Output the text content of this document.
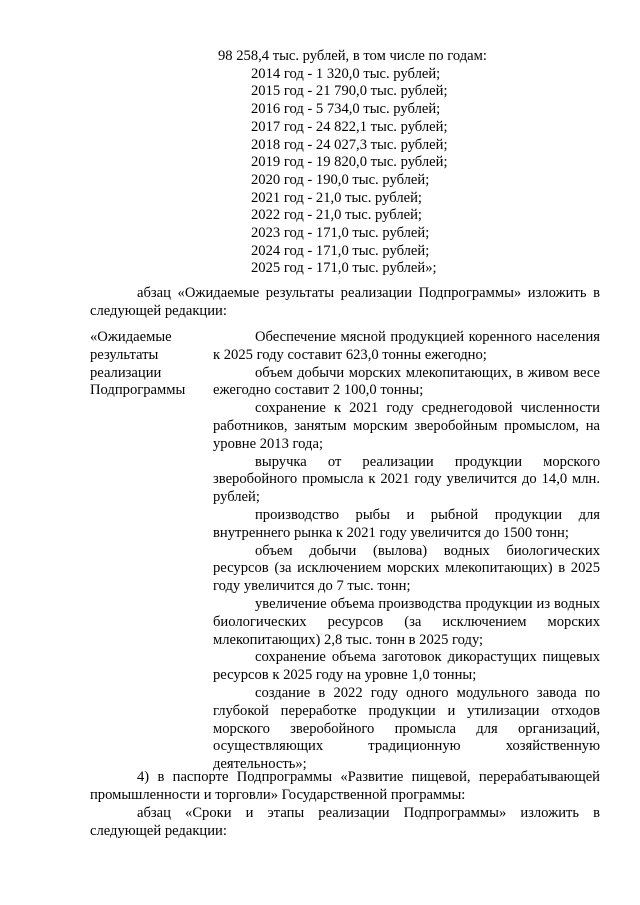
98 258,4 тыс. рублей, в том числе по годам:
2014 год - 1 320,0 тыс. рублей;
2015 год - 21 790,0 тыс. рублей;
2016 год - 5 734,0 тыс. рублей;
2017 год - 24 822,1 тыс. рублей;
2018 год - 24 027,3 тыс. рублей;
2019 год - 19 820,0 тыс. рублей;
2020 год - 190,0 тыс. рублей;
2021 год - 21,0 тыс. рублей;
2022 год - 21,0 тыс. рублей;
2023 год - 171,0 тыс. рублей;
2024 год - 171,0 тыс. рублей;
2025 год - 171,0 тыс. рублей»;
абзац «Ожидаемые результаты реализации Подпрограммы» изложить в следующей редакции:
«Ожидаемые результаты реализации Подпрограммы
Обеспечение мясной продукцией коренного населения к 2025 году составит 623,0 тонны ежегодно;
объем добычи морских млекопитающих, в живом весе ежегодно составит 2 100,0 тонны;
сохранение к 2021 году среднегодовой численности работников, занятым морским зверобойным промыслом, на уровне 2013 года;
выручка от реализации продукции морского зверобойного промысла к 2021 году увеличится до 14,0 млн. рублей;
производство рыбы и рыбной продукции для внутреннего рынка к 2021 году увеличится до 1500 тонн;
объем добычи (вылова) водных биологических ресурсов (за исключением морских млекопитающих) в 2025 году увеличится до 7 тыс. тонн;
увеличение объема производства продукции из водных биологических ресурсов (за исключением морских млекопитающих) 2,8 тыс. тонн в 2025 году;
сохранение объема заготовок дикорастущих пищевых ресурсов к 2025 году на уровне 1,0 тонны;
создание в 2022 году одного модульного завода по глубокой переработке продукции и утилизации отходов морского зверобойного промысла для организаций, осуществляющих традиционную хозяйственную деятельность»;
4) в паспорте Подпрограммы «Развитие пищевой, перерабатывающей промышленности и торговли» Государственной программы:
абзац «Сроки и этапы реализации Подпрограммы» изложить в следующей редакции:
